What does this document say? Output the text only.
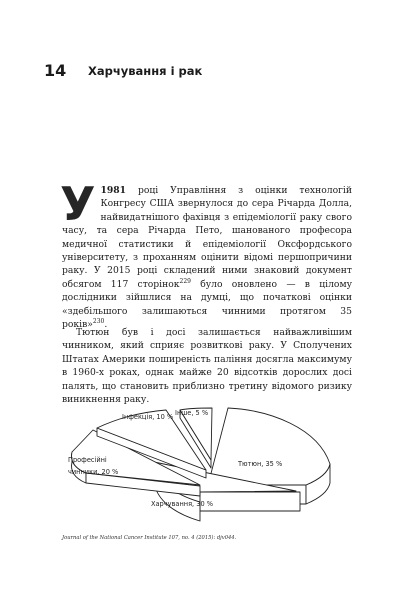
14 Харчування і рак

У 1981 році Управління з оцінки технологій Конгресу США звернулося до сера Річарда Долла, найвидатнішого фахівця з епідеміології раку свого часу, та сера Річарда Пето, шанованого професора медичної статистики й епідеміології Оксфордського університету, з проханням оцінити відомі першопричини раку. У 2015 році складений ними знаковий документ обсягом 117 сторінок$^{229}$ було оновлено — в цілому дослідники зійшлися на думці, що початкові оцінки «здебільшого залишаються чинними протягом 35 років»$^{230}$.

Тютюн був і досі залишається найважливішим чинником, який сприяє розвиткові раку. У Сполучених Штатах Америки поширеність паління досягла максимуму в 1960-х роках, однак майже 20 відсотків дорослих досі палять, що становить приблизно третину відомого ризику виникнення раку.

Інфекція, 10 % Інше, 5 %
Тютюн, 35 %
Професійні
чинники, 20 %
Харчування, 30 %
Journal of the National Cancer Institute 107, no. 4 (2015): djv044.
